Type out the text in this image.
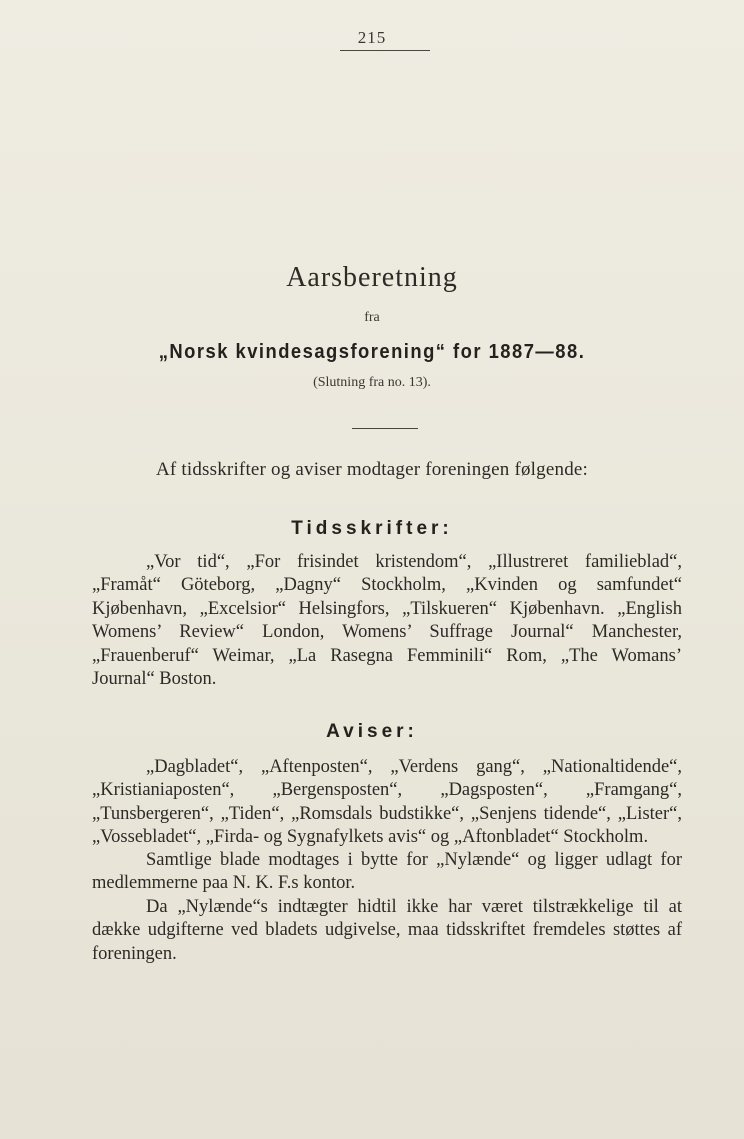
215
Aarsberetning
fra
„Norsk kvindesagsforening“ for 1887—88.
(Slutning fra no. 13).
Af tidsskrifter og aviser modtager foreningen følgende:
Tidsskrifter:
„Vor tid“, „For frisindet kristendom“, „Illustreret familieblad“, „Framåt“ Göteborg, „Dagny“ Stockholm, „Kvinden og samfundet“ Kjøbenhavn, „Excelsior“ Helsingfors, „Tilskueren“ Kjøbenhavn. „English Womens’ Review“ London, Womens’ Suffrage Journal“ Manchester, „Frauenberuf“ Weimar, „La Rasegna Femminili“ Rom, „The Womans’ Journal“ Boston.
Aviser:
„Dagbladet“, „Aftenposten“, „Verdens gang“, „Nationaltidende“, „Kristianiaposten“, „Bergensposten“, „Dagsposten“, „Framgang“, „Tunsbergeren“, „Tiden“, „Romsdals budstikke“, „Senjens tidende“, „Lister“, „Vossebladet“, „Firda- og Sygnafylkets avis“ og „Aftonbladet“ Stockholm.
Samtlige blade modtages i bytte for „Nylænde“ og ligger udlagt for medlemmerne paa N. K. F.s kontor.
Da „Nylænde“s indtægter hidtil ikke har været tilstrækkelige til at dække udgifterne ved bladets udgivelse, maa tidsskriftet fremdeles støttes af foreningen.
